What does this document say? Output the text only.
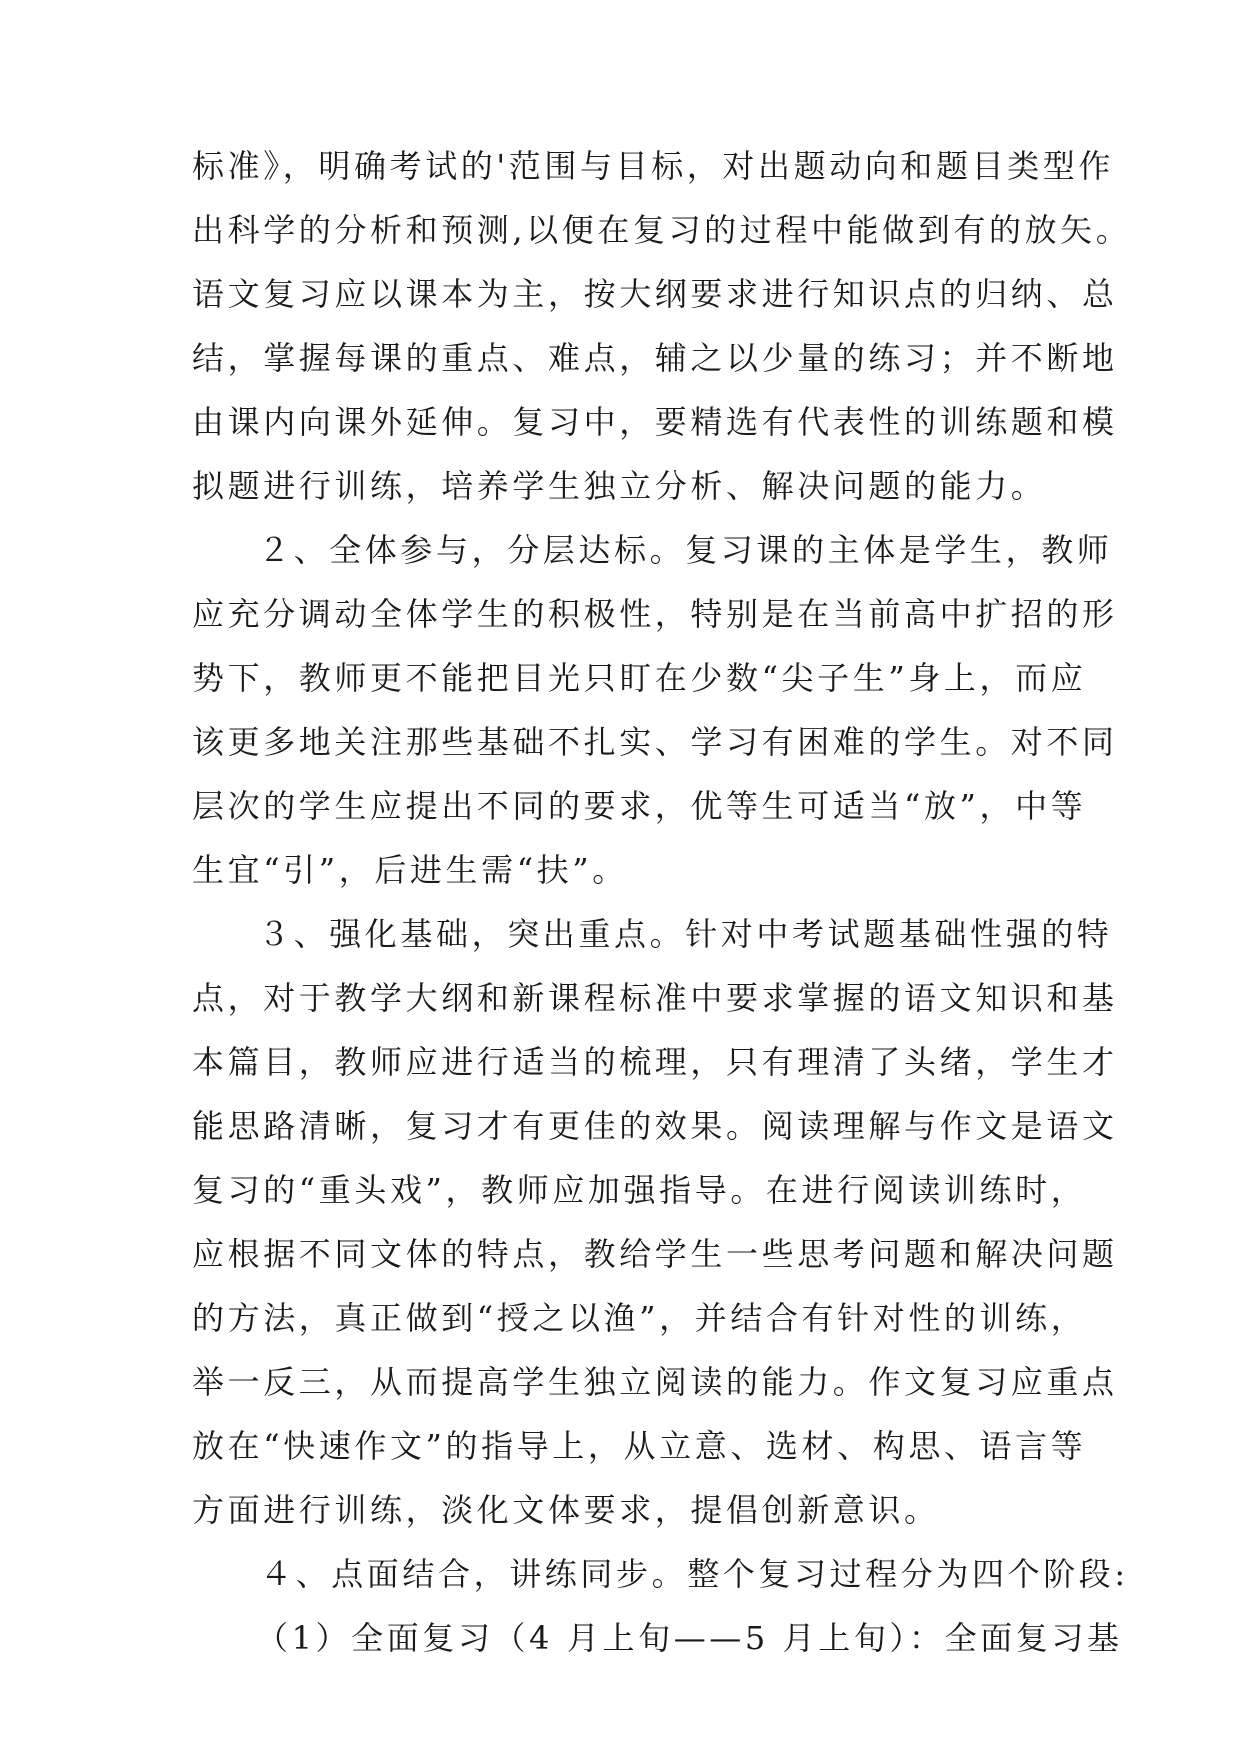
标准》，明确考试的'范围与目标，对出题动向和题目类型作
出科学的分析和预测,以便在复习的过程中能做到有的放矢。
语文复习应以课本为主，按大纲要求进行知识点的归纳、总
结，掌握每课的重点、难点，辅之以少量的练习；并不断地
由课内向课外延伸。复习中，要精选有代表性的训练题和模
拟题进行训练，培养学生独立分析、解决问题的能力。
２、全体参与，分层达标。复习课的主体是学生，教师
应充分调动全体学生的积极性，特别是在当前高中扩招的形
势下，教师更不能把目光只盯在少数“尖子生”身上，而应
该更多地关注那些基础不扎实、学习有困难的学生。对不同
层次的学生应提出不同的要求，优等生可适当“放”，中等
生宜“引”，后进生需“扶”。
３、强化基础，突出重点。针对中考试题基础性强的特
点，对于教学大纲和新课程标准中要求掌握的语文知识和基
本篇目，教师应进行适当的梳理，只有理清了头绪，学生才
能思路清晰，复习才有更佳的效果。阅读理解与作文是语文
复习的“重头戏”，教师应加强指导。在进行阅读训练时，
应根据不同文体的特点，教给学生一些思考问题和解决问题
的方法，真正做到“授之以渔”，并结合有针对性的训练，
举一反三，从而提高学生独立阅读的能力。作文复习应重点
放在“快速作文”的指导上，从立意、选材、构思、语言等
方面进行训练，淡化文体要求，提倡创新意识。
４、点面结合，讲练同步。整个复习过程分为四个阶段:
（1）全面复习（4 月上旬——5 月上旬）：全面复习基
